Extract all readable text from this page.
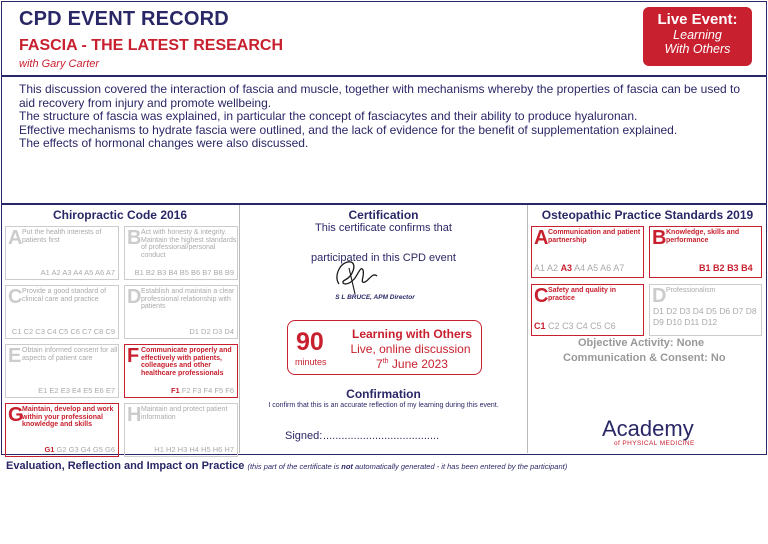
CPD EVENT RECORD
FASCIA - THE LATEST RESEARCH
with Gary Carter
Live Event:
Learning
With Others
This discussion covered the interaction of fascia and muscle, together with mechanisms whereby the properties of fascia can be used to aid recovery from injury and promote wellbeing.
The structure of fascia was explained, in particular the concept of fasciacytes and their ability to produce hyaluronan.
Effective mechanisms to hydrate fascia were outlined, and the lack of evidence for the benefit of supplementation explained.
The effects of hormonal changes were also discussed.
Chiropractic Code 2016
A Put the health interests of patients first
A1 A2 A3 A4 A5 A6 A7
B Act with honesty & integrity. Maintain the highest standards of professional/personal conduct
B1 B2 B3 B4 B5 B6 B7 B8 B9
C Provide a good standard of clinical care and practice
C1 C2 C3 C4 C5 C6 C7 C8 C9
D Establish and maintain a clear professional relationship with patients
D1 D2 D3 D4
E Obtain informed consent for all aspects of patient care
E1 E2 E3 E4 E5 E6 E7
F Communicate properly and effectively with patients, colleagues and other healthcare professionals
F1 F2 F3 F4 F5 F6
G
Maintain, develop and work within your professional knowledge and skills
G1 G2 G3 G4 G5 G6
H Maintain and protect patient information
H1 H2 H3 H4 H5 H6 H7
Certification
This certificate confirms that
participated in this CPD event
S L BRUCE, APM Director
90
minutes
Learning with Others
Live, online discussion
7th June 2023
Confirmation
I confirm that this is an accurate reflection of my learning during this event.
Signed: ......................................
Osteopathic Practice Standards 2019
A Communication and patient partnership
A1 A2 A3 A4 A5 A6 A7
B Knowledge, skills and performance
B1 B2 B3 B4
C Safety and quality in practice
C1 C2 C3 C4 C5 C6
D Professionalism
D1 D2 D3 D4 D5 D6 D7 D8 D9 D10 D11 D12
Objective Activity: None
Communication & Consent: No
Academy
of PHYSICAL MEDICINE
Evaluation, Reflection and Impact on Practice (this part of the certificate is not automatically generated - it has been entered by the participant)
